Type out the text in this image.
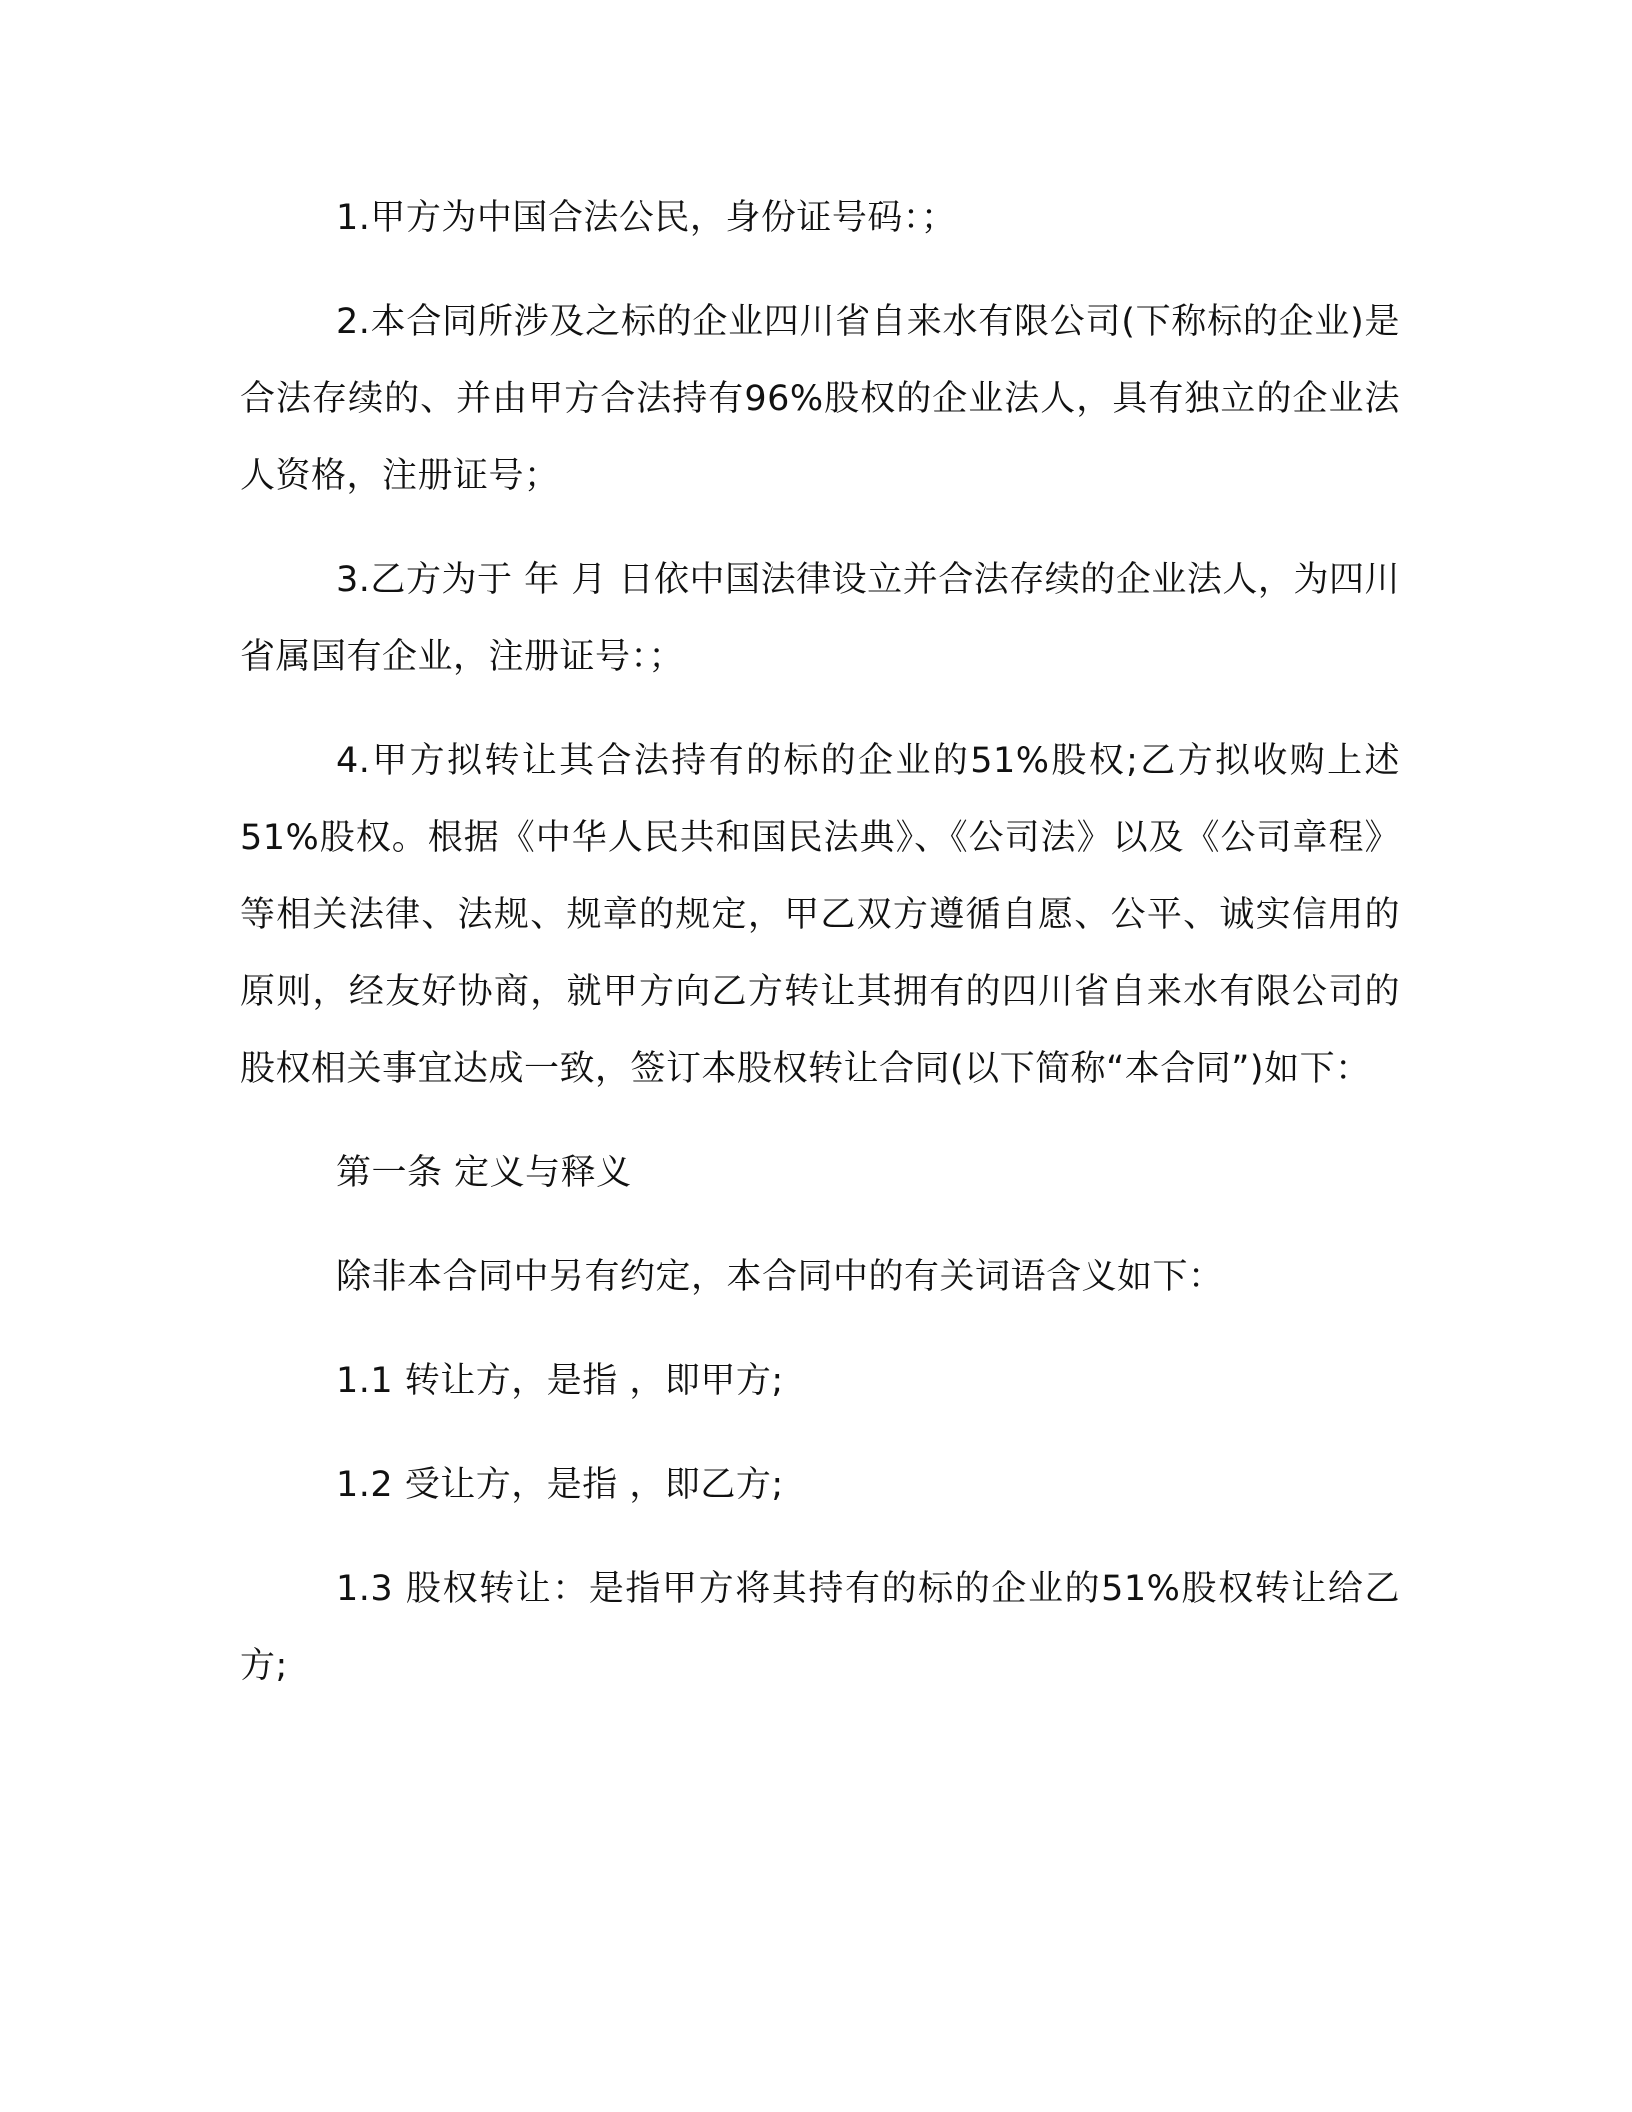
1.甲方为中国合法公民，身份证号码：；

2.本合同所涉及之标的企业四川省自来水有限公司(下称标的企业)是合法存续的、并由甲方合法持有96%股权的企业法人，具有独立的企业法人资格，注册证号；

3.乙方为于 年 月 日依中国法律设立并合法存续的企业法人，为四川省属国有企业，注册证号：；

4.甲方拟转让其合法持有的标的企业的51%股权;乙方拟收购上述51%股权。根据《中华人民共和国民法典》、《公司法》以及《公司章程》等相关法律、法规、规章的规定，甲乙双方遵循自愿、公平、诚实信用的原则，经友好协商，就甲方向乙方转让其拥有的四川省自来水有限公司的股权相关事宜达成一致，签订本股权转让合同(以下简称“本合同”)如下：

第一条 定义与释义

除非本合同中另有约定，本合同中的有关词语含义如下：

1.1 转让方，是指 ，即甲方;

1.2 受让方，是指 ，即乙方;

1.3 股权转让：是指甲方将其持有的标的企业的51%股权转让给乙方;
